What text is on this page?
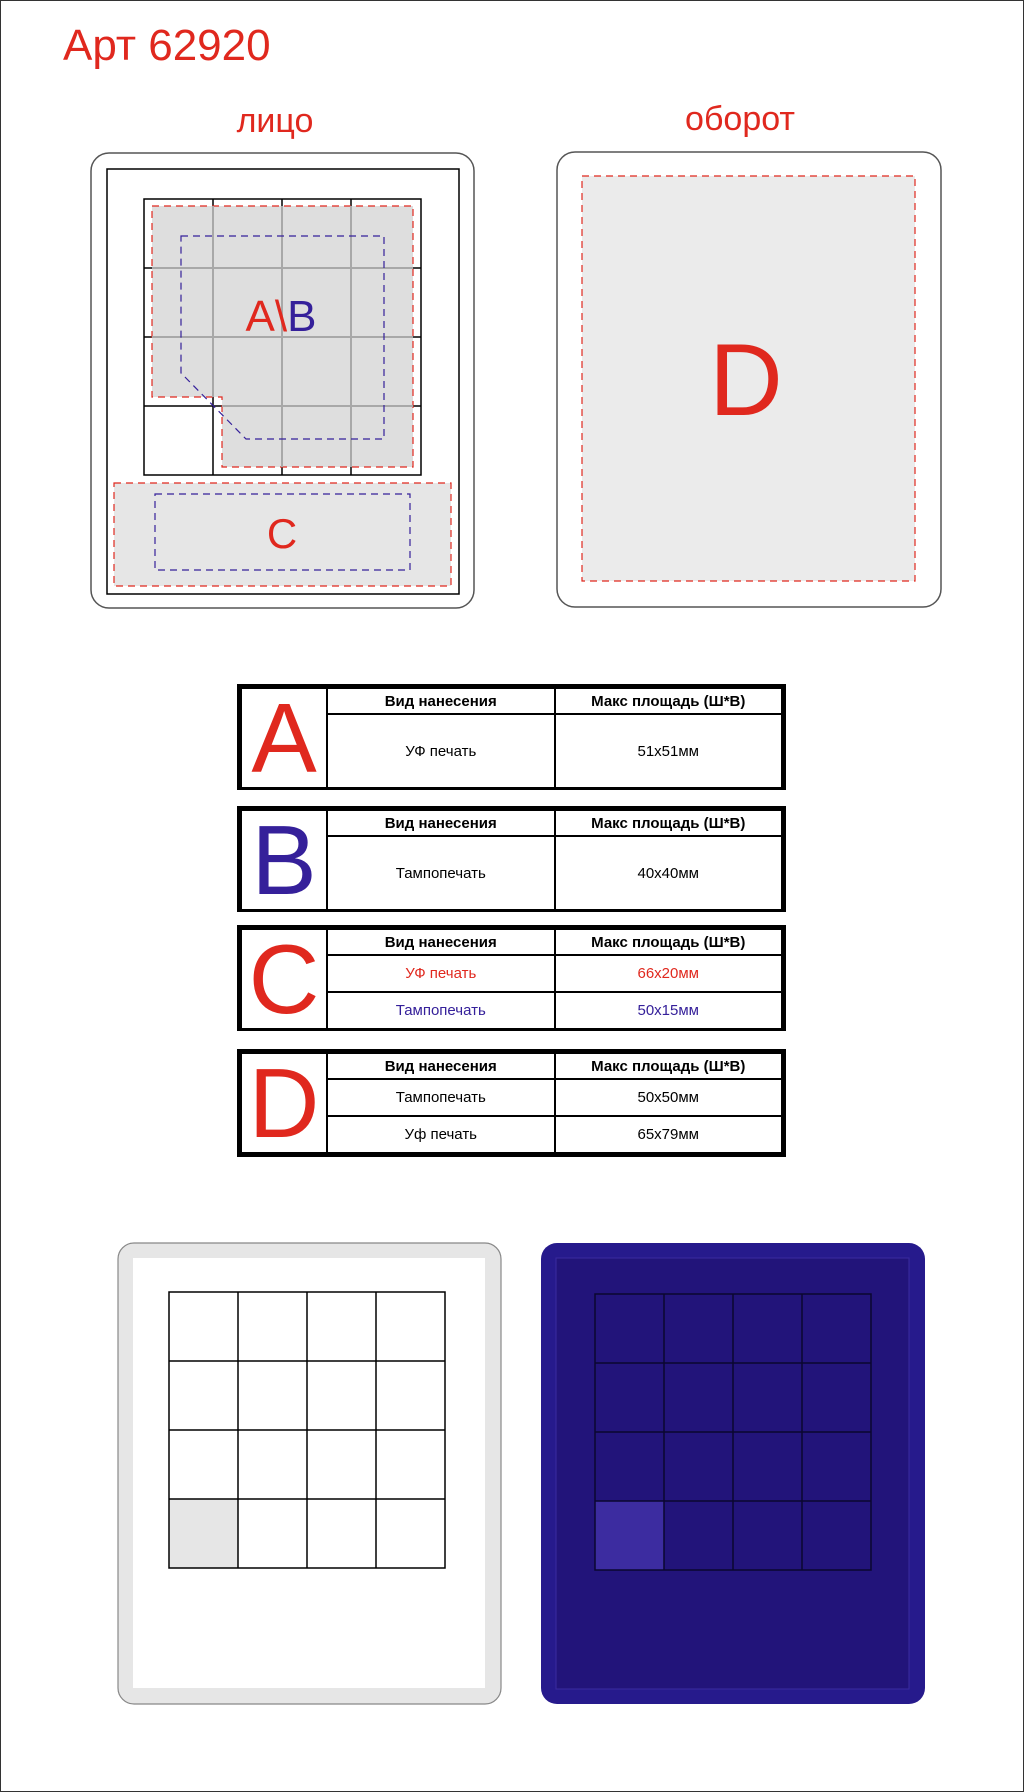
Арт 62920
лицо	оборот
A\B
C
D
A	Вид нанесения	Макс площадь (Ш*В)
	УФ печать	51x51мм
B	Вид нанесения	Макс площадь (Ш*В)
	Тампопечать	40x40мм
C	Вид нанесения	Макс площадь (Ш*В)
	УФ печать	66x20мм
	Тампопечать	50x15мм
D	Вид нанесения	Макс площадь (Ш*В)
	Тампопечать	50x50мм
	Уф печать	65x79мм
